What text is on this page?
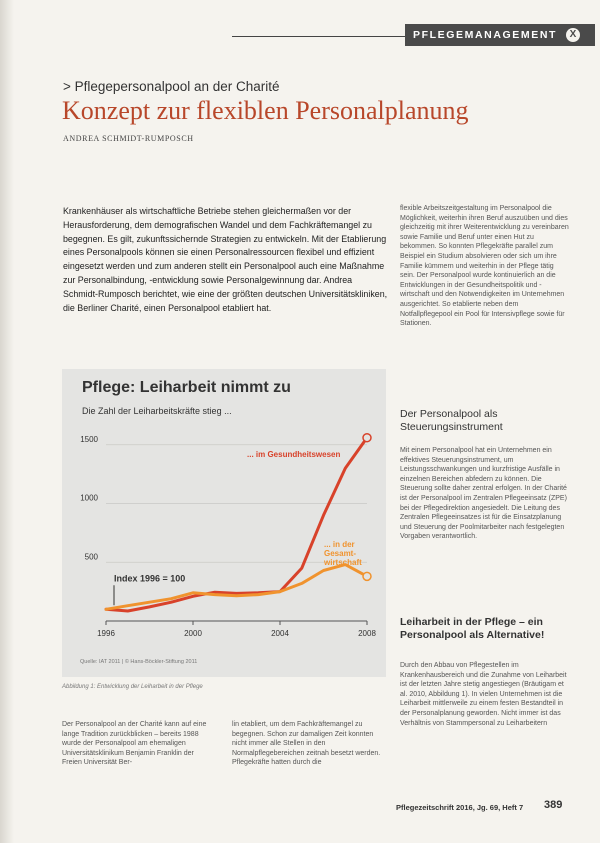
PFLEGEMANAGEMENT	X
> Pflegepersonalpool an der Charité
Konzept zur flexiblen Personalplanung
ANDREA SCHMIDT-RUMPOSCH

Krankenhäuser als wirtschaftliche Betriebe stehen gleichermaßen vor der Herausforderung, dem demografischen Wandel und dem Fachkräftemangel zu begegnen. Es gilt, zukunftssichernde Strategien zu entwickeln. Mit der Etablierung eines Personalpools können sie einen Personalressourcen flexibel und effizient eingesetzt werden und zum anderen stellt ein Personalpool auch eine Maßnahme zur Personalbindung, -entwicklung sowie Personalgewinnung dar. Andrea Schmidt-Rumposch berichtet, wie eine der größten deutschen Universitätskliniken, die Berliner Charité, einen Personalpool etabliert hat.

Pflege: Leiharbeit nimmt zu
Die Zahl der Leiharbeitskräfte stieg ...
500
1000
1500
1996	2000	2004	2008
... im Gesundheitswesen
... in der Gesamt-wirtschaft
Index 1996 = 100
Quelle: IAT 2011 | © Hans-Böckler-Stiftung 2011
Abbildung 1: Entwicklung der Leiharbeit in der Pflege

Der Personalpool an der Charité kann auf eine lange Tradition zurückblicken – bereits 1988 wurde der Personalpool am ehemaligen Universitätsklinikum Benjamin Franklin der Freien Universität Ber-

lin etabliert, um dem Fachkräftemangel zu begegnen. Schon zur damaligen Zeit konnten nicht immer alle Stellen in den Normalpflegebereichen zeitnah besetzt werden. Pflegekräfte hatten durch die

flexible Arbeitszeitgestaltung im Personalpool die Möglichkeit, weiterhin ihren Beruf auszuüben und dies gleichzeitig mit ihrer Weiterentwicklung zu vereinbaren sowie Familie und Beruf unter einen Hut zu bekommen. So konnten Pflegekräfte parallel zum Beispiel ein Studium absolvieren oder sich um ihre Familie kümmern und weiterhin in der Pflege tätig sein. Der Personalpool wurde kontinuierlich an die Entwicklungen in der Gesundheitspolitik und -wirtschaft und den Notwendigkeiten im Unternehmen ausgerichtet. So etablierte neben dem Notfallpflegepool ein Pool für Intensivpflege sowie für Stationen.

Der Personalpool als Steuerungsinstrument

Mit einem Personalpool hat ein Unternehmen ein effektives Steuerungsinstrument, um Leistungsschwankungen und kurzfristige Ausfälle in einzelnen Bereichen abfedern zu können. Die Steuerung sollte daher zentral erfolgen. In der Charité ist der Personalpool im Zentralen Pflegeeinsatz (ZPE) bei der Pflegedirektion angesiedelt. Die Leitung des Zentralen Pflegeeinsatzes ist für die Einsatzplanung und Steuerung der Poolmitarbeiter nach festgelegten Vorgaben verantwortlich.

Leiharbeit in der Pflege – ein Personalpool als Alternative!

Durch den Abbau von Pflegestellen im Krankenhausbereich und die Zunahme von Leiharbeit ist der letzten Jahre stetig angestiegen (Bräutigam et al. 2010, Abbildung 1). In vielen Unternehmen ist die Leiharbeit mittlerweile zu einem festen Bestandteil in der Personalplanung geworden. Nicht immer ist das Verhältnis von Stammpersonal zu Leiharbeitern

Pflegezeitschrift 2016, Jg. 69, Heft 7 389
